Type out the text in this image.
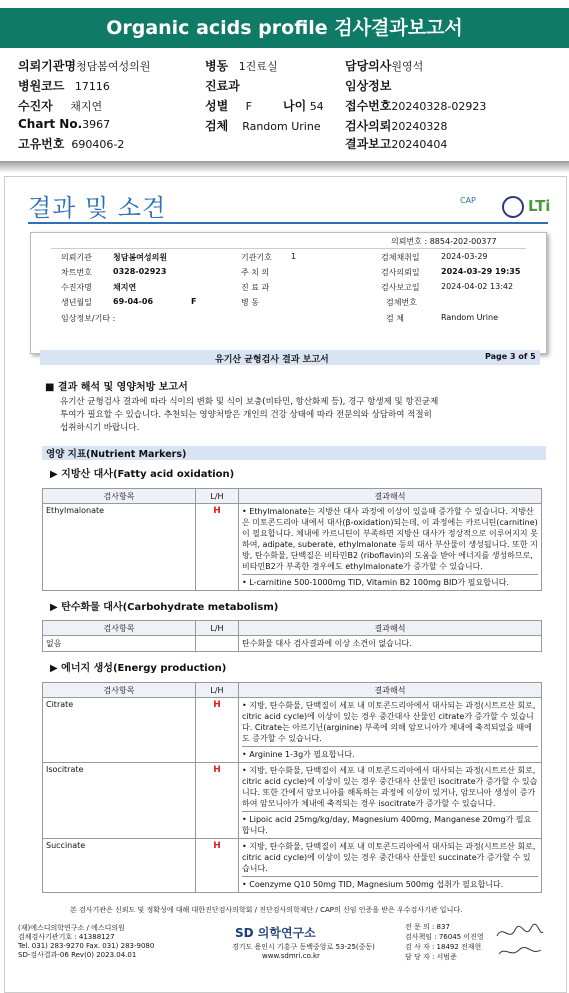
Organic acids profile 검사결과보고서
의뢰기관명청담봄여성의원	병동 1진료실	담당의사원영석
병원코드 17116	진료과	임상정보
수진자 채지연	성별 F	나이 54 접수번호20240328-02923
Chart No.3967	검체 Random Urine 검사의뢰20240328
고유번호 690406-2	결과보고20240404
결과 및 소견	CAP	LTi
의뢰번호 : 8854-202-00377
의뢰기관	청담봄여성의원	기관기호 1	검체채취일	2024-03-29
차트번호	0328-02923	주 치 의	검사의뢰일	2024-03-29 19:35
수진자명	채지연	진 료 과	검사보고일	2024-04-02 13:42
생년월일	69-04-06	F	병 동	검체번호
임상정보/기타 :	검 체	Random Urine
유기산 균형검사 결과 보고서	Page 3 of 5
■ 결과 해석 및 영양처방 보고서
유기산 균형검사 결과에 따라 식이의 변화 및 식이 보충(비타민, 항산화제 등), 경구 항생제 및 항진균제
투여가 필요할 수 있습니다. 추천되는 영양처방은 개인의 건강 상태에 따라 전문의와 상담하여 적절히
섭취하시기 바랍니다.
영양 지표(Nutrient Markers)
▶ 지방산 대사(Fatty acid oxidation)
검사항목	L/H	결과해석
Ethylmalonate	H	• Ethylmalonate는 지방산 대사 과정에 이상이 있을때 증가할 수 있습니다. 지방산은 미토콘드리아 내에서 대사(β-oxidation)되는데, 이 과정에는 카르니틴(carnitine)이 필요합니다. 체내에 카르니틴이 부족하면 지방산 대사가 정상적으로 이루어지지 못하여, adipate, suberate, ethylmalonate 등의 대사 부산물이 생성됩니다. 또한 지방, 탄수화물, 단백질은 비타민B2 (riboflavin)의 도움을 받아 에너지를 생성하므로, 비타민B2가 부족한 경우에도 ethylmalonate가 증가할 수 있습니다.
• L-carnitine 500-1000mg TID, Vitamin B2 100mg BID가 필요합니다.
▶ 탄수화물 대사(Carbohydrate metabolism)
검사항목	L/H	결과해석
없음		탄수화물 대사 검사결과에 이상 소견이 없습니다.
▶ 에너지 생성(Energy production)
검사항목	L/H	결과해석
Citrate	H	• 지방, 탄수화물, 단백질이 세포 내 미토콘드리아에서 대사되는 과정(시트르산 회로, citric acid cycle)에 이상이 있는 경우 중간대사 산물인 citrate가 증가할 수 있습니다. Citrate는 아르기닌(arginine) 부족에 의해 암모니아가 체내에 축적되었을 때에도 증가할 수 있습니다.
• Arginine 1-3g가 필요합니다.

Isocitrate	H	• 지방, 탄수화물, 단백질이 세포 내 미토콘드리아에서 대사되는 과정(시트르산 회로, citric acid cycle)에 이상이 있는 경우 중간대사 산물인 isocitrate가 증가할 수 있습니다. 또한 간에서 암모니아를 해독하는 과정에 이상이 있거나, 암모니아 생성이 증가하여 암모니아가 체내에 축적되는 경우 isocitrate가 증가할 수 있습니다.
• Lipoic acid 25mg/kg/day, Magnesium 400mg, Manganese 20mg가 필요합니다.

Succinate	H	• 지방, 탄수화물, 단백질이 세포 내 미토콘드리아에서 대사되는 과정(시트르산 회로, citric acid cycle)에 이상이 있는 경우 중간대사 산물인 succinate가 증가할 수 있습니다.
• Coenzyme Q10 50mg TID, Magnesium 500mg 섭취가 필요합니다.
본 검사기관은 신뢰도 및 정확성에 대해 대한진단검사의학회 / 진단검사의학재단 / CAP의 신임 인증을 받은 우수검사기관 입니다.
(재)에스디의학연구소 / 에스디의원
검체검사기관기호 : 41388127
Tel. 031) 283-9270 Fax. 031) 283-9080
SD-검사결과-06 Rev(0) 2023.04.01
SD 의학연구소
경기도 용인시 기흥구 동백중앙로 53-25(중동)
www.sdmri.co.kr
전 문 의 : 837
검사책임 : 76045 이진영
검 사 자 : 18492 전재현
담 당 자 : 서범준
